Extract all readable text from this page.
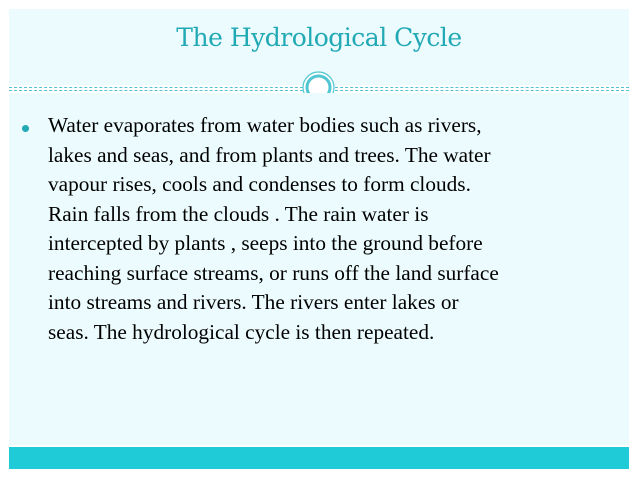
The Hydrological Cycle

Water evaporates from water bodies such as rivers,
lakes and seas, and from plants and trees. The water
vapour rises, cools and condenses to form clouds.
Rain falls from the clouds . The rain water is
intercepted by plants , seeps into the ground before
reaching surface streams, or runs off the land surface
into streams and rivers. The rivers enter lakes or
seas. The hydrological cycle is then repeated.
